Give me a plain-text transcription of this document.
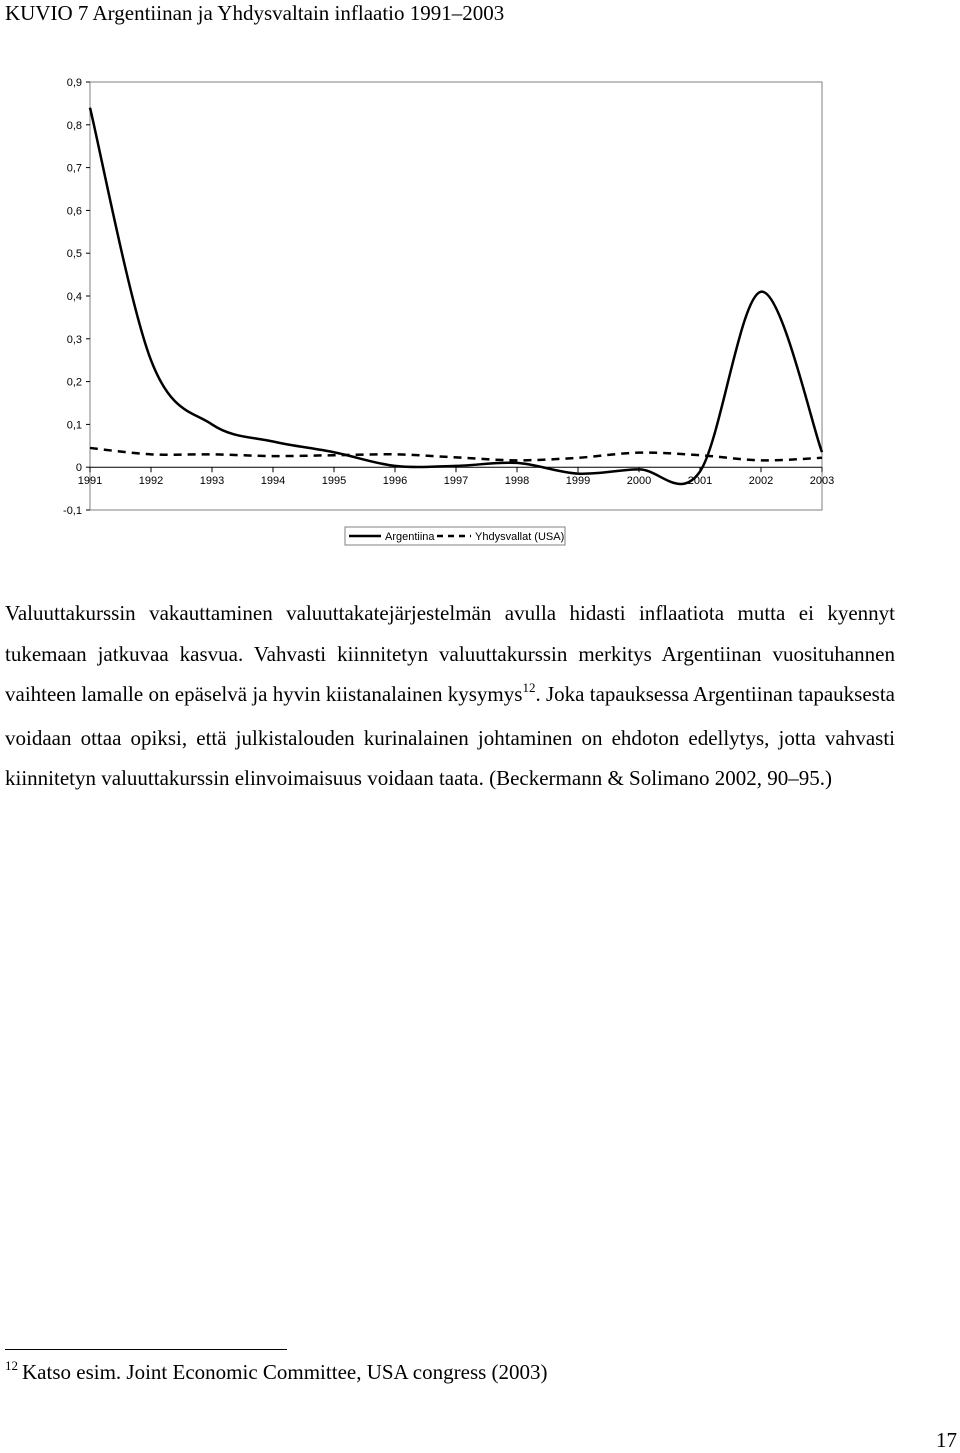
KUVIO 7 Argentiinan ja Yhdysvaltain inflaatio 1991–2003
-0,1
0
0,1
0,2
0,3
0,4
0,5
0,6
0,7
0,8
0,9
1991	1992	1993	1994	1995	1996	1997	1998	1999	2000	2001	2002	2003
Argentiina	Yhdysvallat (USA)
Valuuttakurssin vakauttaminen valuuttakatejärjestelmän avulla hidasti inflaatiota mutta ei kyennyt tukemaan jatkuvaa kasvua. Vahvasti kiinnitetyn valuuttakurssin merkitys Argentiinan vuosituhannen vaihteen lamalle on epäselvä ja hyvin kiistanalainen kysymys$^{12}$. Joka tapauksessa Argentiinan tapauksesta voidaan ottaa opiksi, että julkistalouden kurinalainen johtaminen on ehdoton edellytys, jotta vahvasti kiinnitetyn valuuttakurssin elinvoimaisuus voidaan taata. (Beckermann & Solimano 2002, 90–95.)
$^{12}$ Katso esim. Joint Economic Committee, USA congress (2003)
17
